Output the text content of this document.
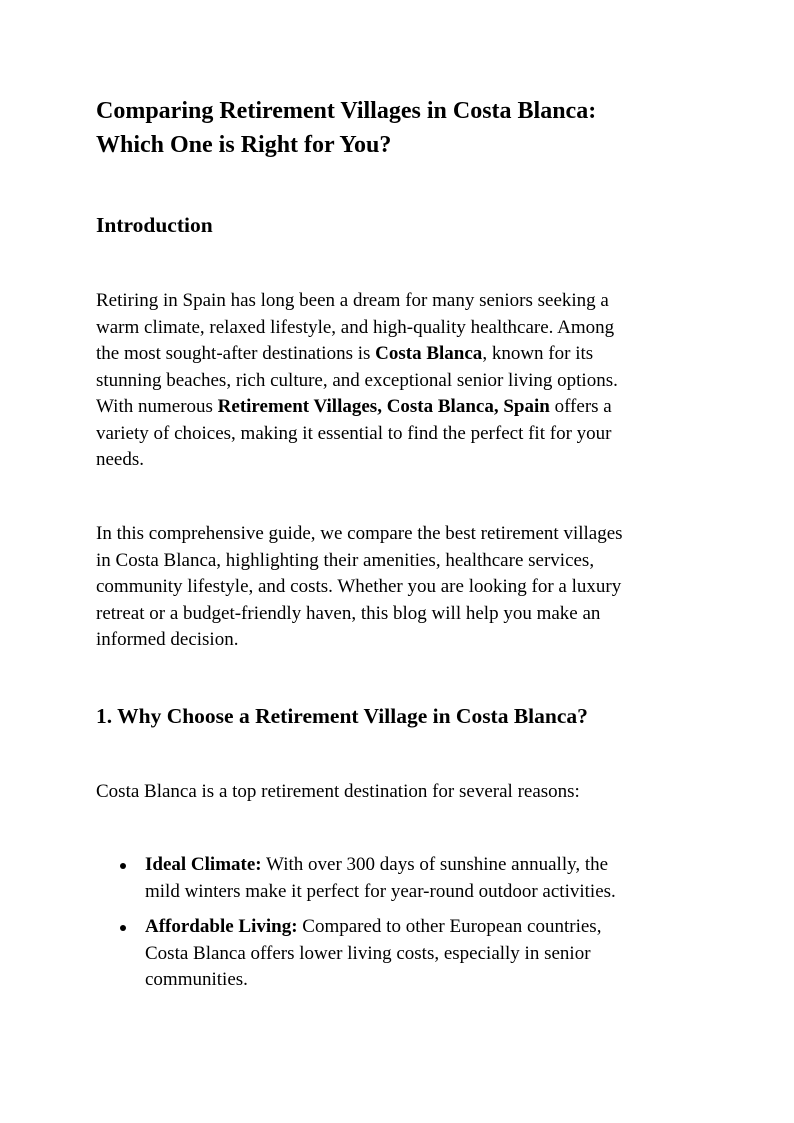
Comparing Retirement Villages in Costa Blanca:
Which One is Right for You?
Introduction

Retiring in Spain has long been a dream for many seniors seeking a
warm climate, relaxed lifestyle, and high-quality healthcare. Among
the most sought-after destinations is Costa Blanca, known for its
stunning beaches, rich culture, and exceptional senior living options.
With numerous Retirement Villages, Costa Blanca, Spain offers a
variety of choices, making it essential to find the perfect fit for your
needs.

In this comprehensive guide, we compare the best retirement villages
in Costa Blanca, highlighting their amenities, healthcare services,
community lifestyle, and costs. Whether you are looking for a luxury
retreat or a budget-friendly haven, this blog will help you make an
informed decision.

1. Why Choose a Retirement Village in Costa Blanca?

Costa Blanca is a top retirement destination for several reasons:

Ideal Climate: With over 300 days of sunshine annually, the
mild winters make it perfect for year-round outdoor activities.
Affordable Living: Compared to other European countries,
Costa Blanca offers lower living costs, especially in senior
communities.
